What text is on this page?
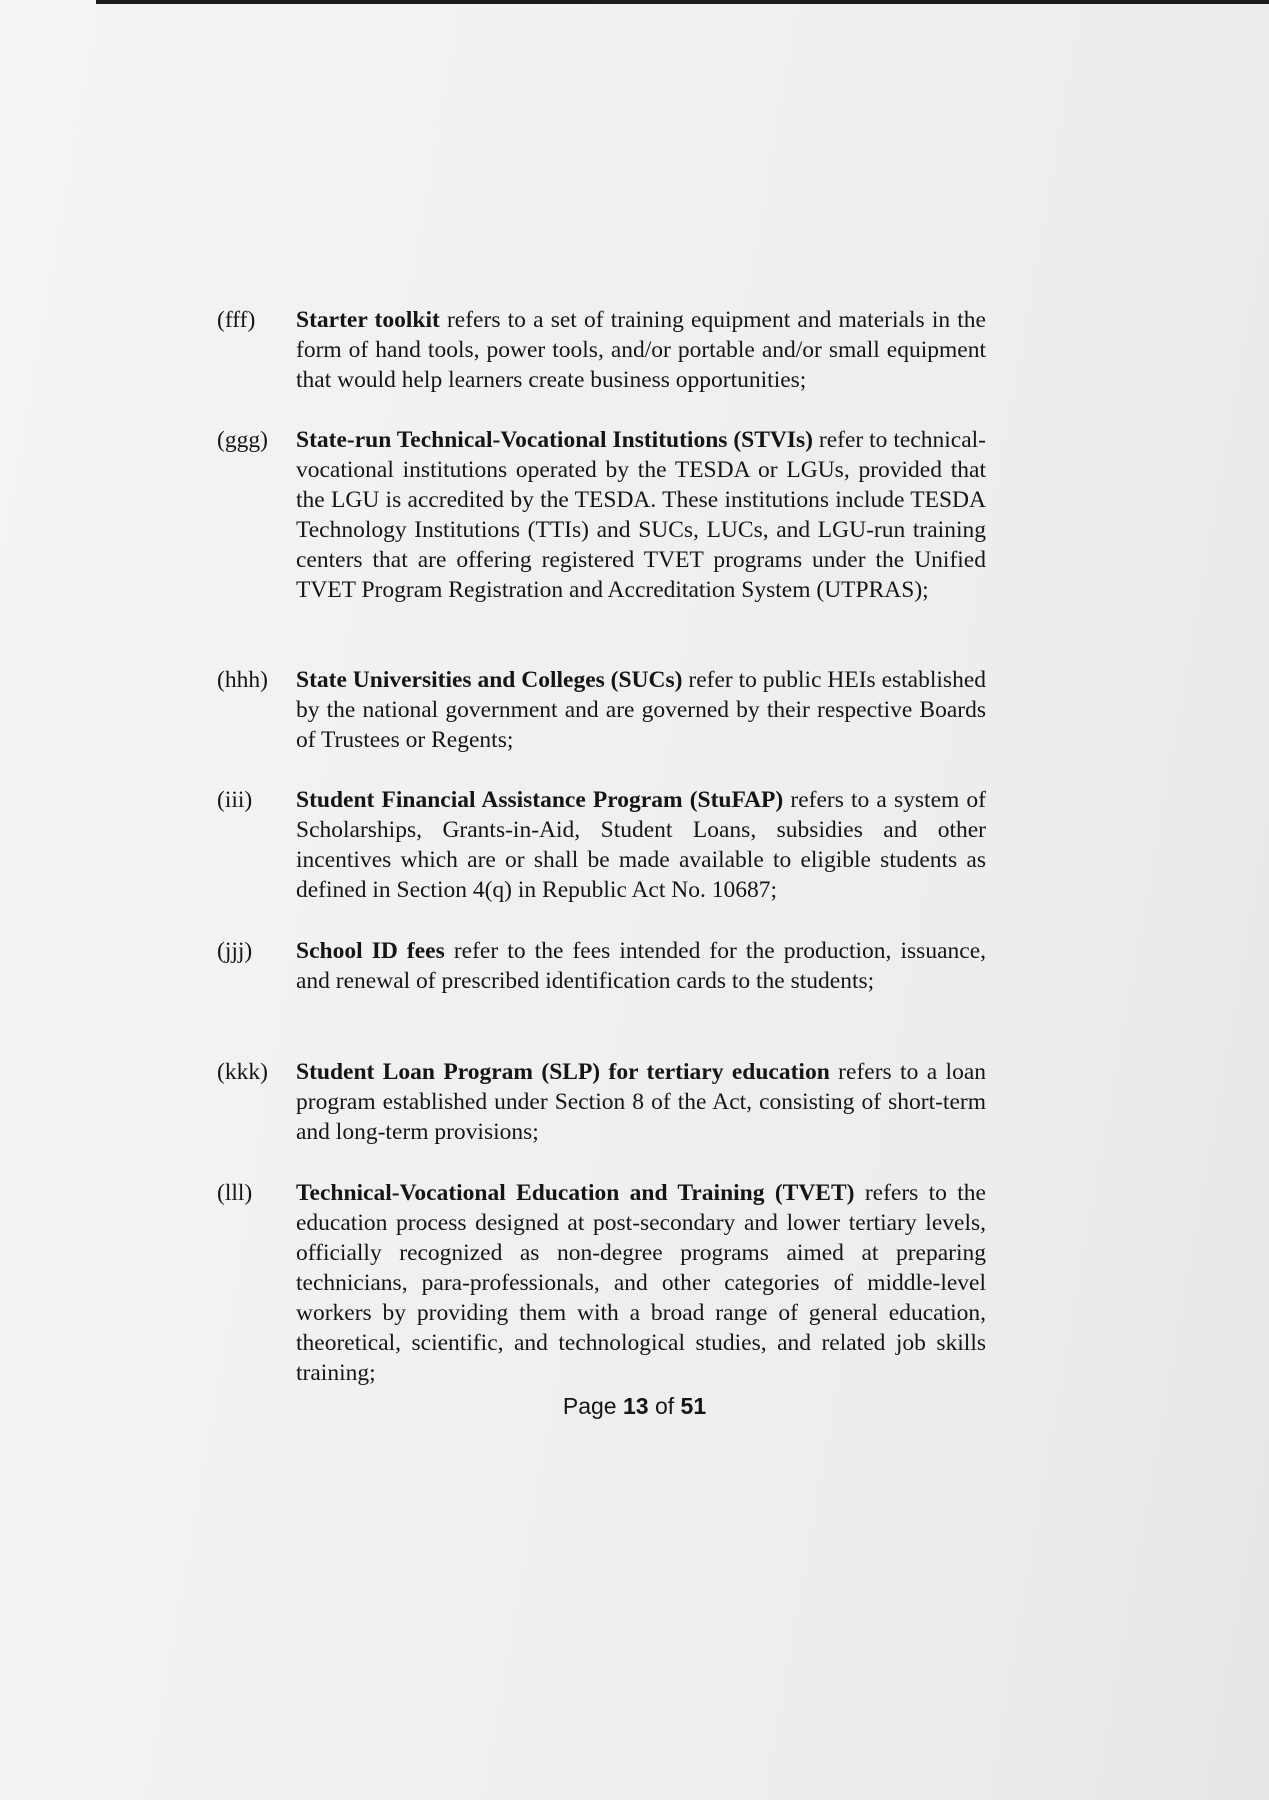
(fff) Starter toolkit refers to a set of training equipment and materials in the form of hand tools, power tools, and/or portable and/or small equipment that would help learners create business opportunities;
(ggg) State-run Technical-Vocational Institutions (STVIs) refer to technical-vocational institutions operated by the TESDA or LGUs, provided that the LGU is accredited by the TESDA. These institutions include TESDA Technology Institutions (TTIs) and SUCs, LUCs, and LGU-run training centers that are offering registered TVET programs under the Unified TVET Program Registration and Accreditation System (UTPRAS);
(hhh) State Universities and Colleges (SUCs) refer to public HEIs established by the national government and are governed by their respective Boards of Trustees or Regents;
(iii) Student Financial Assistance Program (StuFAP) refers to a system of Scholarships, Grants-in-Aid, Student Loans, subsidies and other incentives which are or shall be made available to eligible students as defined in Section 4(q) in Republic Act No. 10687;
(jjj) School ID fees refer to the fees intended for the production, issuance, and renewal of prescribed identification cards to the students;
(kkk) Student Loan Program (SLP) for tertiary education refers to a loan program established under Section 8 of the Act, consisting of short-term and long-term provisions;
(lll) Technical-Vocational Education and Training (TVET) refers to the education process designed at post-secondary and lower tertiary levels, officially recognized as non-degree programs aimed at preparing technicians, para-professionals, and other categories of middle-level workers by providing them with a broad range of general education, theoretical, scientific, and technological studies, and related job skills training;
Page 13 of 51
